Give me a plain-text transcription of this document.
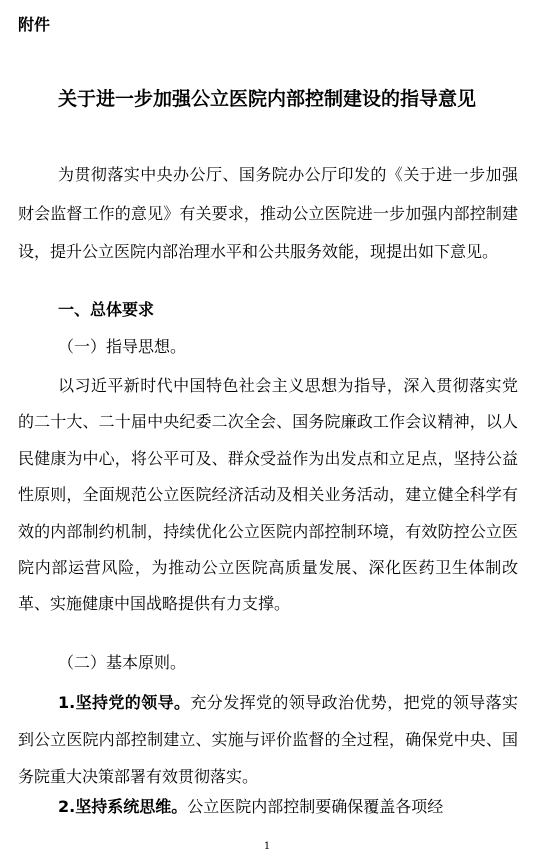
附件
关于进一步加强公立医院内部控制建设的指导意见

为贯彻落实中央办公厅、国务院办公厅印发的《关于进一步加强财会监督工作的意见》有关要求，推动公立医院进一步加强内部控制建设，提升公立医院内部治理水平和公共服务效能，现提出如下意见。

一、总体要求

（一）指导思想。

以习近平新时代中国特色社会主义思想为指导，深入贯彻落实党的二十大、二十届中央纪委二次全会、国务院廉政工作会议精神，以人民健康为中心，将公平可及、群众受益作为出发点和立足点，坚持公益性原则，全面规范公立医院经济活动及相关业务活动，建立健全科学有效的内部制约机制，持续优化公立医院内部控制环境，有效防控公立医院内部运营风险，为推动公立医院高质量发展、深化医药卫生体制改革、实施健康中国战略提供有力支撑。

（二）基本原则。

1.坚持党的领导。充分发挥党的领导政治优势，把党的领导落实到公立医院内部控制建立、实施与评价监督的全过程，确保党中央、国务院重大决策部署有效贯彻落实。

2.坚持系统思维。公立医院内部控制要确保覆盖各项经

1
